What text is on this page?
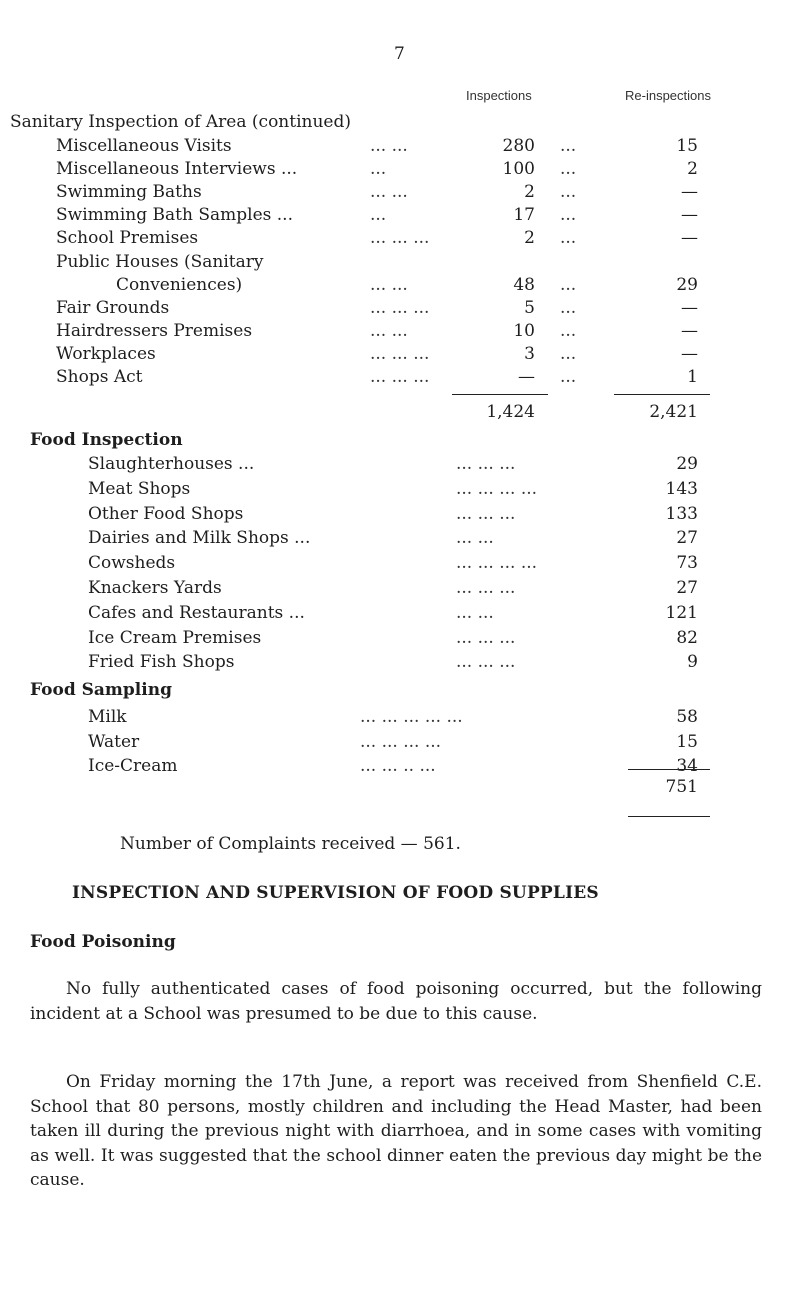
7
Inspections	Re-inspections
Sanitary Inspection of Area (continued)
Miscellaneous Visits	... ...	280 ...	15
Miscellaneous Interviews ...	...	100 ...	2
Swimming Baths	... ...	2 ...	—
Swimming Bath Samples ...	...	17 ...	—
School Premises	... ... ...	2 ...	—
Public Houses (Sanitary
Conveniences)	... ...	48 ...	29
Fair Grounds	... ... ...	5 ...	—
Hairdressers Premises	... ...	10 ...	—
Workplaces	... ... ...	3 ...	—
Shops Act	... ... ...	— ...	1
1,424	2,421
Food Inspection
Slaughterhouses ...	... ... ...	29
Meat Shops	... ... ... ...	143
Other Food Shops	... ... ...	133
Dairies and Milk Shops ...	... ...	27
Cowsheds	... ... ... ...	73
Knackers Yards	... ... ...	27
Cafes and Restaurants ...	... ...	121
Ice Cream Premises	... ... ...	82
Fried Fish Shops	... ... ...	9
Food Sampling
Milk	... ... ... ... ...	58
Water	... ... ... ...	15
Ice-Cream	... ... .. ...	34
751
Number of Complaints received — 561.
INSPECTION AND SUPERVISION OF FOOD SUPPLIES
Food Poisoning
No fully authenticated cases of food poisoning occurred, but the following incident at a School was presumed to be due to this cause.
On Friday morning the 17th June, a report was received from Shenfield C.E. School that 80 persons, mostly children and including the Head Master, had been taken ill during the previous night with diarrhoea, and in some cases with vomiting as well. It was suggested that the school dinner eaten the previous day might be the cause.
